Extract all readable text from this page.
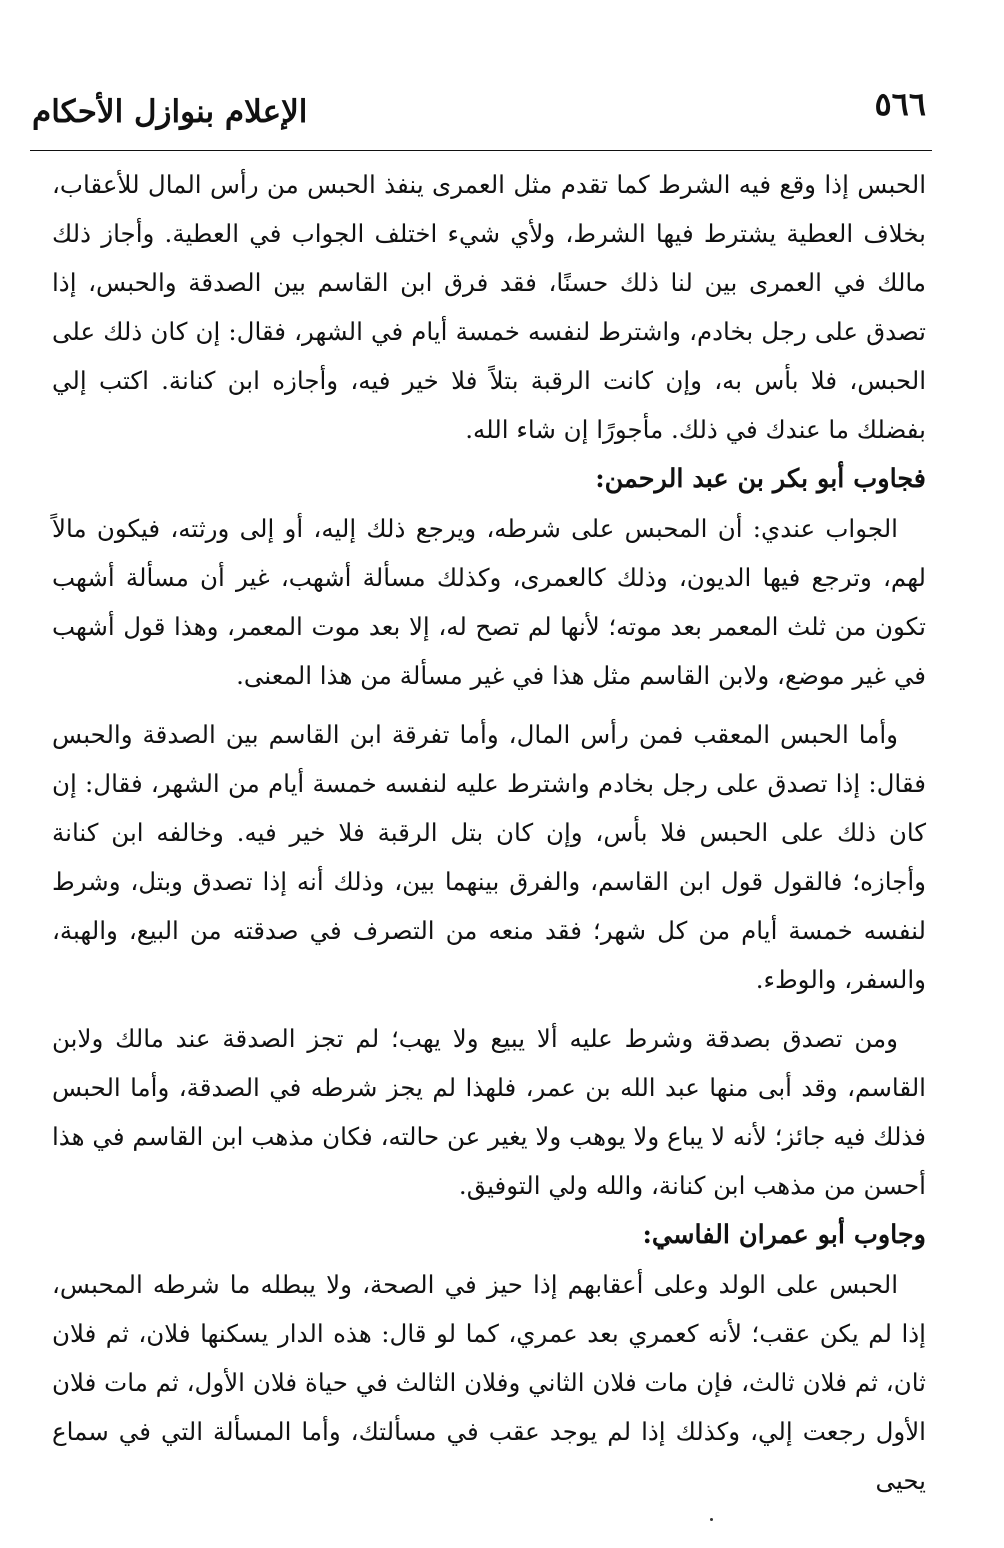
٥٦٦
الإعلام بنوازل الأحكام

الحبس إذا وقع فيه الشرط كما تقدم مثل العمرى ينفذ الحبس من رأس المال للأعقاب، بخلاف العطية يشترط فيها الشرط، ولأي شيء اختلف الجواب في العطية. وأجاز ذلك مالك في العمرى بين لنا ذلك حسنًا، فقد فرق ابن القاسم بين الصدقة والحبس، إذا تصدق على رجل بخادم، واشترط لنفسه خمسة أيام في الشهر، فقال: إن كان ذلك على الحبس، فلا بأس به، وإن كانت الرقبة بتلاً فلا خير فيه، وأجازه ابن كنانة. اكتب إلي بفضلك ما عندك في ذلك. مأجورًا إن شاء الله.

فجاوب أبو بكر بن عبد الرحمن:

الجواب عندي: أن المحبس على شرطه، ويرجع ذلك إليه، أو إلى ورثته، فيكون مالاً لهم، وترجع فيها الديون، وذلك كالعمرى، وكذلك مسألة أشهب، غير أن مسألة أشهب تكون من ثلث المعمر بعد موته؛ لأنها لم تصح له، إلا بعد موت المعمر، وهذا قول أشهب في غير موضع، ولابن القاسم مثل هذا في غير مسألة من هذا المعنى.

وأما الحبس المعقب فمن رأس المال، وأما تفرقة ابن القاسم بين الصدقة والحبس فقال: إذا تصدق على رجل بخادم واشترط عليه لنفسه خمسة أيام من الشهر، فقال: إن كان ذلك على الحبس فلا بأس، وإن كان بتل الرقبة فلا خير فيه. وخالفه ابن كنانة وأجازه؛ فالقول قول ابن القاسم، والفرق بينهما بين، وذلك أنه إذا تصدق وبتل، وشرط لنفسه خمسة أيام من كل شهر؛ فقد منعه من التصرف في صدقته من البيع، والهبة، والسفر، والوطء.

ومن تصدق بصدقة وشرط عليه ألا يبيع ولا يهب؛ لم تجز الصدقة عند مالك ولابن القاسم، وقد أبى منها عبد الله بن عمر، فلهذا لم يجز شرطه في الصدقة، وأما الحبس فذلك فيه جائز؛ لأنه لا يباع ولا يوهب ولا يغير عن حالته، فكان مذهب ابن القاسم في هذا أحسن من مذهب ابن كنانة، والله ولي التوفيق.

وجاوب أبو عمران الفاسي:

الحبس على الولد وعلى أعقابهم إذا حيز في الصحة، ولا يبطله ما شرطه المحبس، إذا لم يكن عقب؛ لأنه كعمري بعد عمري، كما لو قال: هذه الدار يسكنها فلان، ثم فلان ثان، ثم فلان ثالث، فإن مات فلان الثاني وفلان الثالث في حياة فلان الأول، ثم مات فلان الأول رجعت إلي، وكذلك إذا لم يوجد عقب في مسألتك، وأما المسألة التي في سماع يحيى
